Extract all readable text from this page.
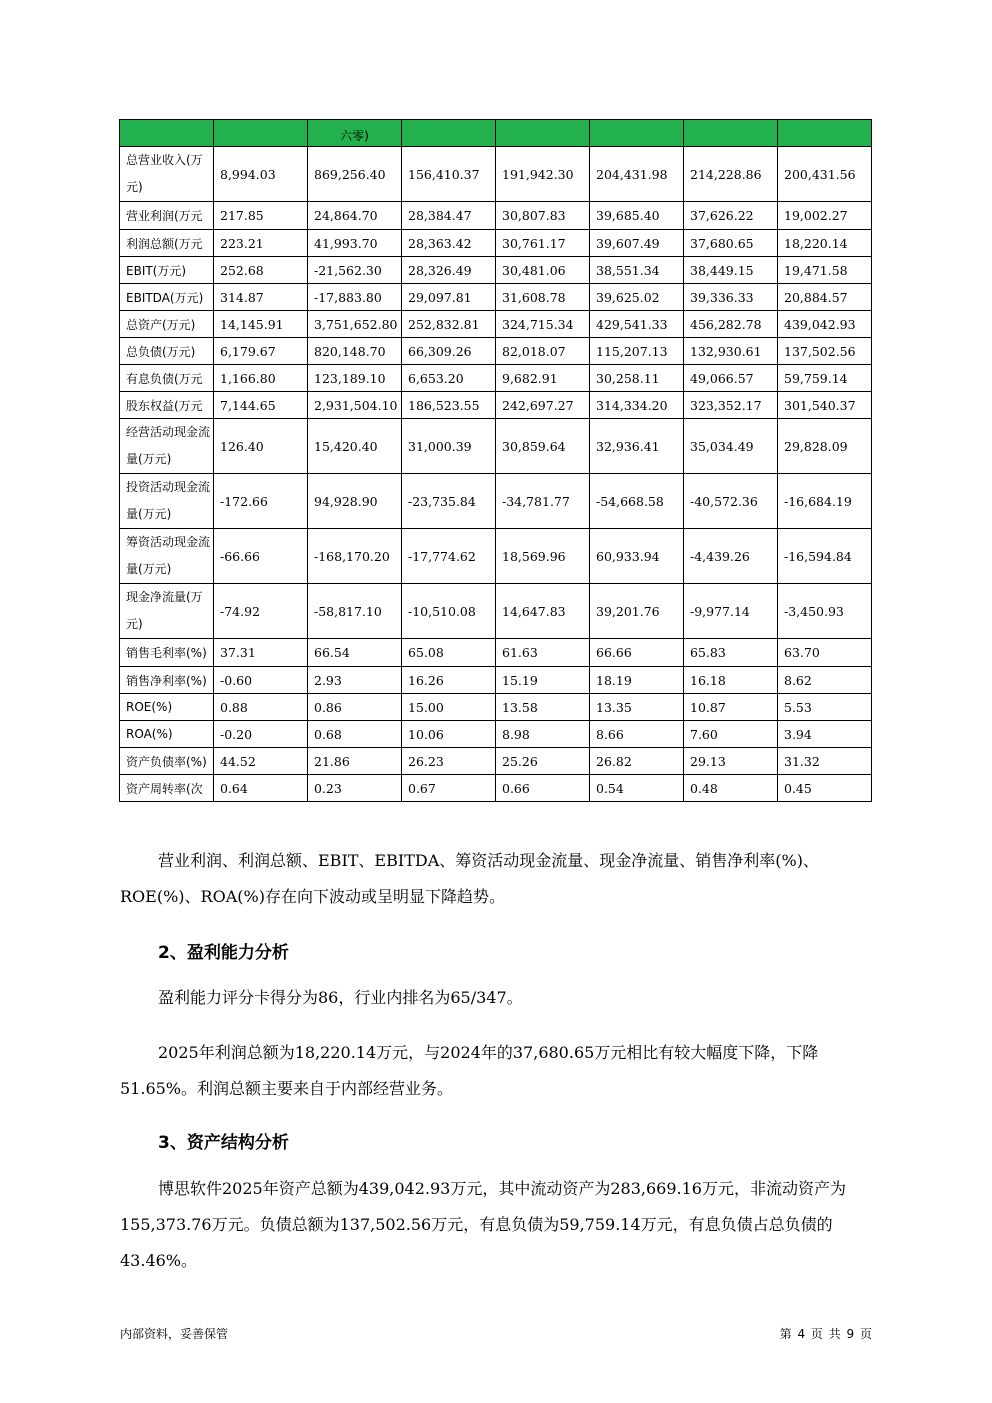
		六零)					
总营业收入(万元)	8,994.03	869,256.40	156,410.37	191,942.30	204,431.98	214,228.86	200,431.56
营业利润(万元	217.85	24,864.70	28,384.47	30,807.83	39,685.40	37,626.22	19,002.27
利润总额(万元	223.21	41,993.70	28,363.42	30,761.17	39,607.49	37,680.65	18,220.14
EBIT(万元)	252.68	-21,562.30	28,326.49	30,481.06	38,551.34	38,449.15	19,471.58
EBITDA(万元)	314.87	-17,883.80	29,097.81	31,608.78	39,625.02	39,336.33	20,884.57
总资产(万元)	14,145.91	3,751,652.80	252,832.81	324,715.34	429,541.33	456,282.78	439,042.93
总负债(万元)	6,179.67	820,148.70	66,309.26	82,018.07	115,207.13	132,930.61	137,502.56
有息负债(万元	1,166.80	123,189.10	6,653.20	9,682.91	30,258.11	49,066.57	59,759.14
股东权益(万元	7,144.65	2,931,504.10	186,523.55	242,697.27	314,334.20	323,352.17	301,540.37
经营活动现金流量(万元)	126.40	15,420.40	31,000.39	30,859.64	32,936.41	35,034.49	29,828.09
投资活动现金流量(万元)	-172.66	94,928.90	-23,735.84	-34,781.77	-54,668.58	-40,572.36	-16,684.19
筹资活动现金流量(万元)	-66.66	-168,170.20	-17,774.62	18,569.96	60,933.94	-4,439.26	-16,594.84
现金净流量(万元)	-74.92	-58,817.10	-10,510.08	14,647.83	39,201.76	-9,977.14	-3,450.93
销售毛利率(%)	37.31	66.54	65.08	61.63	66.66	65.83	63.70
销售净利率(%)	-0.60	2.93	16.26	15.19	18.19	16.18	8.62
ROE(%)	0.88	0.86	15.00	13.58	13.35	10.87	5.53
ROA(%)	-0.20	0.68	10.06	8.98	8.66	7.60	3.94
资产负债率(%)	44.52	21.86	26.23	25.26	26.82	29.13	31.32
资产周转率(次	0.64	0.23	0.67	0.66	0.54	0.48	0.45

营业利润、利润总额、EBIT、EBITDA、筹资活动现金流量、现金净流量、销售净利率(%)、ROE(%)、ROA(%)存在向下波动或呈明显下降趋势。

2、盈利能力分析

盈利能力评分卡得分为86，行业内排名为65/347。

2025年利润总额为18,220.14万元，与2024年的37,680.65万元相比有较大幅度下降，下降51.65%。利润总额主要来自于内部经营业务。

3、资产结构分析

博思软件2025年资产总额为439,042.93万元，其中流动资产为283,669.16万元，非流动资产为155,373.76万元。负债总额为137,502.56万元，有息负债为59,759.14万元，有息负债占总负债的43.46%。

内部资料，妥善保管	第 4 页 共 9 页
